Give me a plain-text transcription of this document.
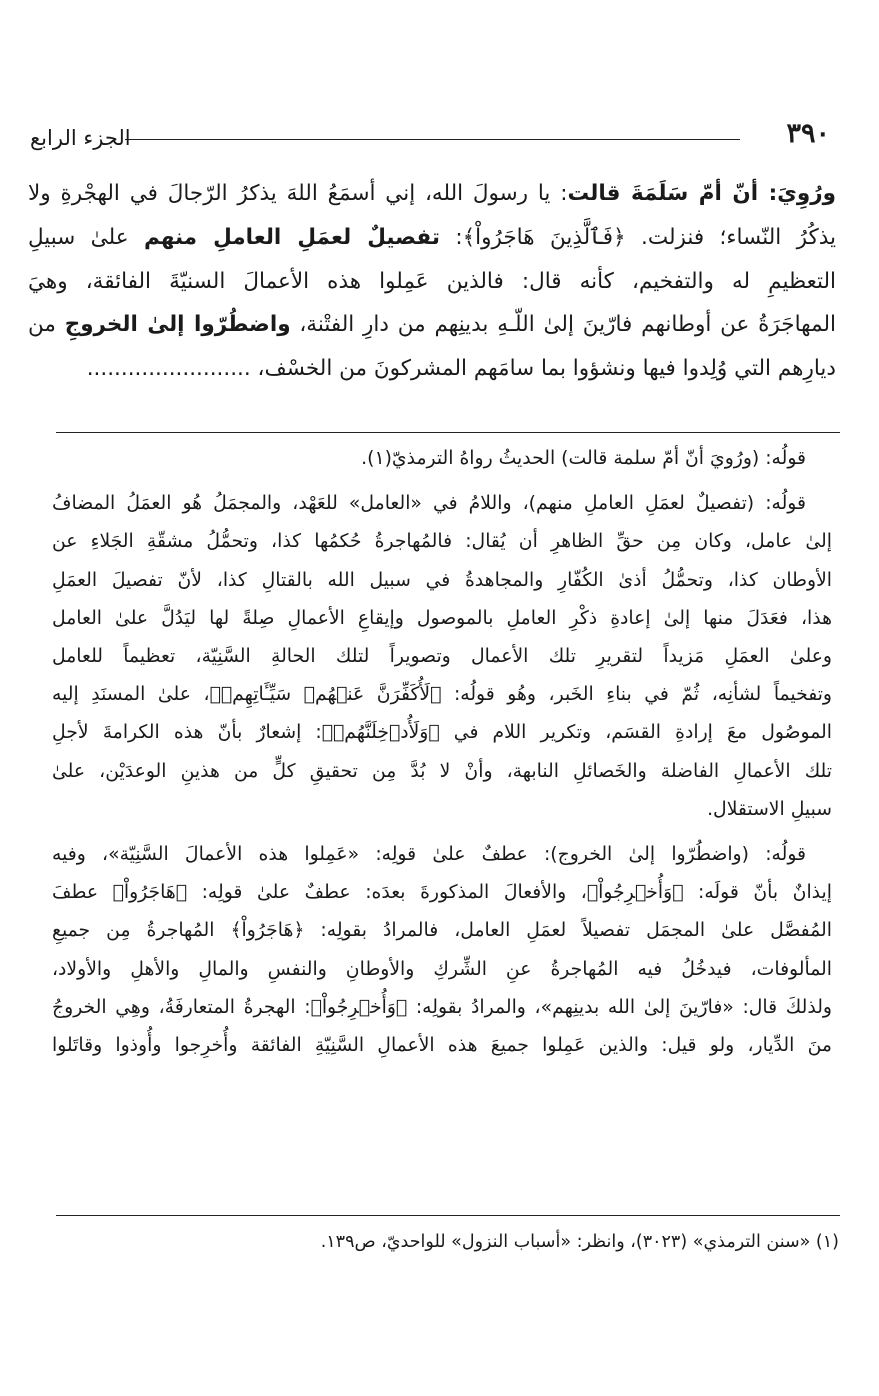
٣٩٠
الجزء الرابع
ورُوِيَ: أنّ أمّ سَلَمَةَ قالت: يا رسولَ الله، إني أسمَعُ اللهَ يذكرُ الرّجالَ في الهجْرةِ ولا
يذكُرُ النّساء؛ فنزلت. ﴿فَٱلَّذِينَ هَاجَرُواْ﴾: تفصيلٌ لعمَلِ العاملِ منهم علىٰ سبيلِ
التعظيمِ له والتفخيم، كأنه قال: فالذين عَمِلوا هذه الأعمالَ السنيّةَ الفائقة، وهيَ
المهاجَرَةُ عن أوطانهم فارّينَ إلىٰ اللّـهِ بدينِهم من دارِ الفتْنة، واضطُرّوا إلىٰ الخروجِ من
ديارِهم التي وُلِدوا فيها ونشؤوا بما سامَهم المشركونَ من الخسْف، ........................
قولُه: (ورُويَ أنّ أمّ سلمة قالت) الحديثُ رواهُ الترمذيّ(١).
قولُه: (تفصيلٌ لعمَلِ العاملِ منهم)، واللامُ في «العامل» للعَهْد، والمجمَلُ هُو العمَلُ المضافُ
إلىٰ عامل، وكان مِن حقِّ الظاهرِ أن يُقال: فالمُهاجرةُ حُكمُها كذا، وتحمُّلُ مشقّةِ الجَلاءِ عن
الأوطان كذا، وتحمُّلُ أذىٰ الكُفّارِ والمجاهدةُ في سبيل الله بالقتالِ كذا، لأنّ تفصيلَ العمَلِ
هذا، فعَدَلَ منها إلىٰ إعادةِ ذكْرِ العاملِ بالموصول وإيقاعِ الأعمالِ صِلةً لها ليَدُلَّ علىٰ العامل
وعلىٰ العمَلِ مَزيداً لتقريرِ تلك الأعمال وتصويراً لتلك الحالةِ السَّنِيّة، تعظيماً للعامل
وتفخيماً لشأنِه، ثُمّ في بناءِ الخَبر، وهُو قولُه: ﴿لَأُكَفِّرَنَّ عَنۡهُمۡ سَيِّـَٔاتِهِمۡ﴾، علىٰ المسنَدِ إليه
الموصُول معَ إرادةِ القسَم، وتكرير اللام في ﴿وَلَأُدۡخِلَنَّهُمۡ﴾: إشعارٌ بأنّ هذه الكرامةَ لأجلِ
تلك الأعمالِ الفاضلة والخَصائلِ النابهة، وأنْ لا بُدَّ مِن تحقيقِ كلٍّ من هذينِ الوعدَيْن، علىٰ
سبيلِ الاستقلال.
قولُه: (واضطُرّوا إلىٰ الخروج): عطفٌ علىٰ قولِه: «عَمِلوا هذه الأعمالَ السَّنِيّة»، وفيه
إيذانٌ بأنّ قولَه: ﴿وَأُخۡرِجُواْ﴾، والأفعالَ المذكورةَ بعدَه: عطفٌ علىٰ قولِه: ﴿هَاجَرُواْ﴾ عطفَ
المُفصَّل علىٰ المجمَل تفصيلاً لعمَلِ العامل، فالمرادُ بقولِه: ﴿هَاجَرُواْ﴾ المُهاجرةُ مِن جميعِ
المألوفات، فيدخُلُ فيه المُهاجرةُ عنِ الشِّركِ والأوطانِ والنفسِ والمالِ والأهلِ والأولاد،
ولذلكَ قال: «فارّينَ إلىٰ الله بدينِهم»، والمرادُ بقولِه: ﴿وَأُخۡرِجُواْ﴾: الهجرةُ المتعارفَةُ، وهِي الخروجُ
منَ الدِّيار، ولو قيل: والذين عَمِلوا جميعَ هذه الأعمالِ السَّنِيّةِ الفائقة وأُخرِجوا وأُوذوا وقاتَلوا
(١) «سنن الترمذي» (٣٠٢٣)، وانظر: «أسباب النزول» للواحديّ، ص١٣٩.
